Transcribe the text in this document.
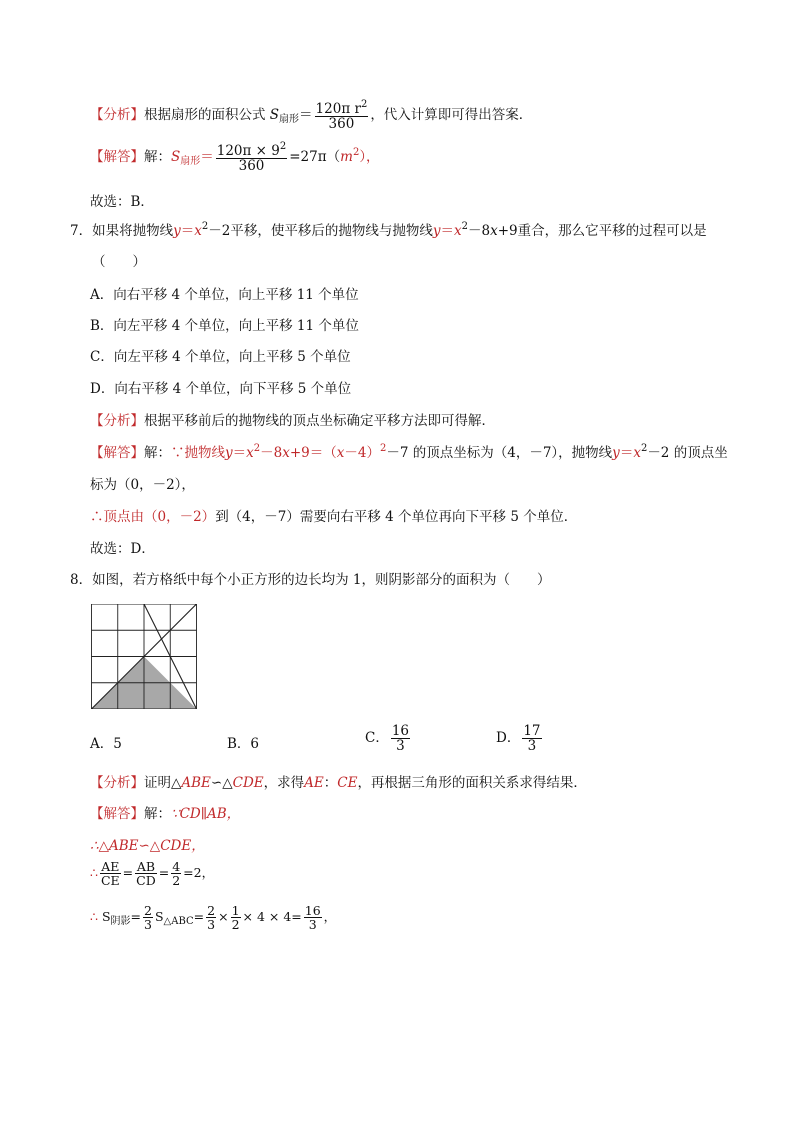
【分析】根据扇形的面积公式 $S_{扇形}= \frac{120\pi r^2}{360}$ ，代入计算即可得出答案．
【解答】解：$S_{扇形}= \frac{120\pi \times 9^2}{360} =27\pi(m^2)$，
故选：B．
7．如果将抛物线$y=x^2-2$平移，使平移后的抛物线与抛物线$y=x^2-8x+9$重合，那么它平移的过程可以是
（　　）
A．向右平移 4 个单位，向上平移 11 个单位
B．向左平移 4 个单位，向上平移 11 个单位
C．向左平移 4 个单位，向上平移 5 个单位
D．向右平移 4 个单位，向下平移 5 个单位
【分析】根据平移前后的抛物线的顶点坐标确定平移方法即可得解．
【解答】解：∵抛物线$y=x^2-8x+9=(x-4)^2-7$ 的顶点坐标为（4，－7），抛物线$y=x^2-2$ 的顶点坐
标为（0，－2），
∴顶点由（0，－2）到（4，－7）需要向右平移 4 个单位再向下平移 5 个单位．
故选：D．
8．如图，若方格纸中每个小正方形的边长均为 1，则阴影部分的面积为（　　）
A．5	B．6	C． $\frac{16}{3}$	D． $\frac{17}{3}$
【分析】证明△ABE∽△CDE，求得AE：CE，再根据三角形的面积关系求得结果．
【解答】解：∵CD∥AB，
∴△ABE∽△CDE，
∴ $\frac{AE}{CE} = \frac{AB}{CD} = \frac{4}{2} =2$，
∴ $S_{阴影}= \frac{2}{3} S_{\triangle ABC}= \frac{2}{3} \times \frac{1}{2} \times 4 \times 4= \frac{16}{3}$ ，
